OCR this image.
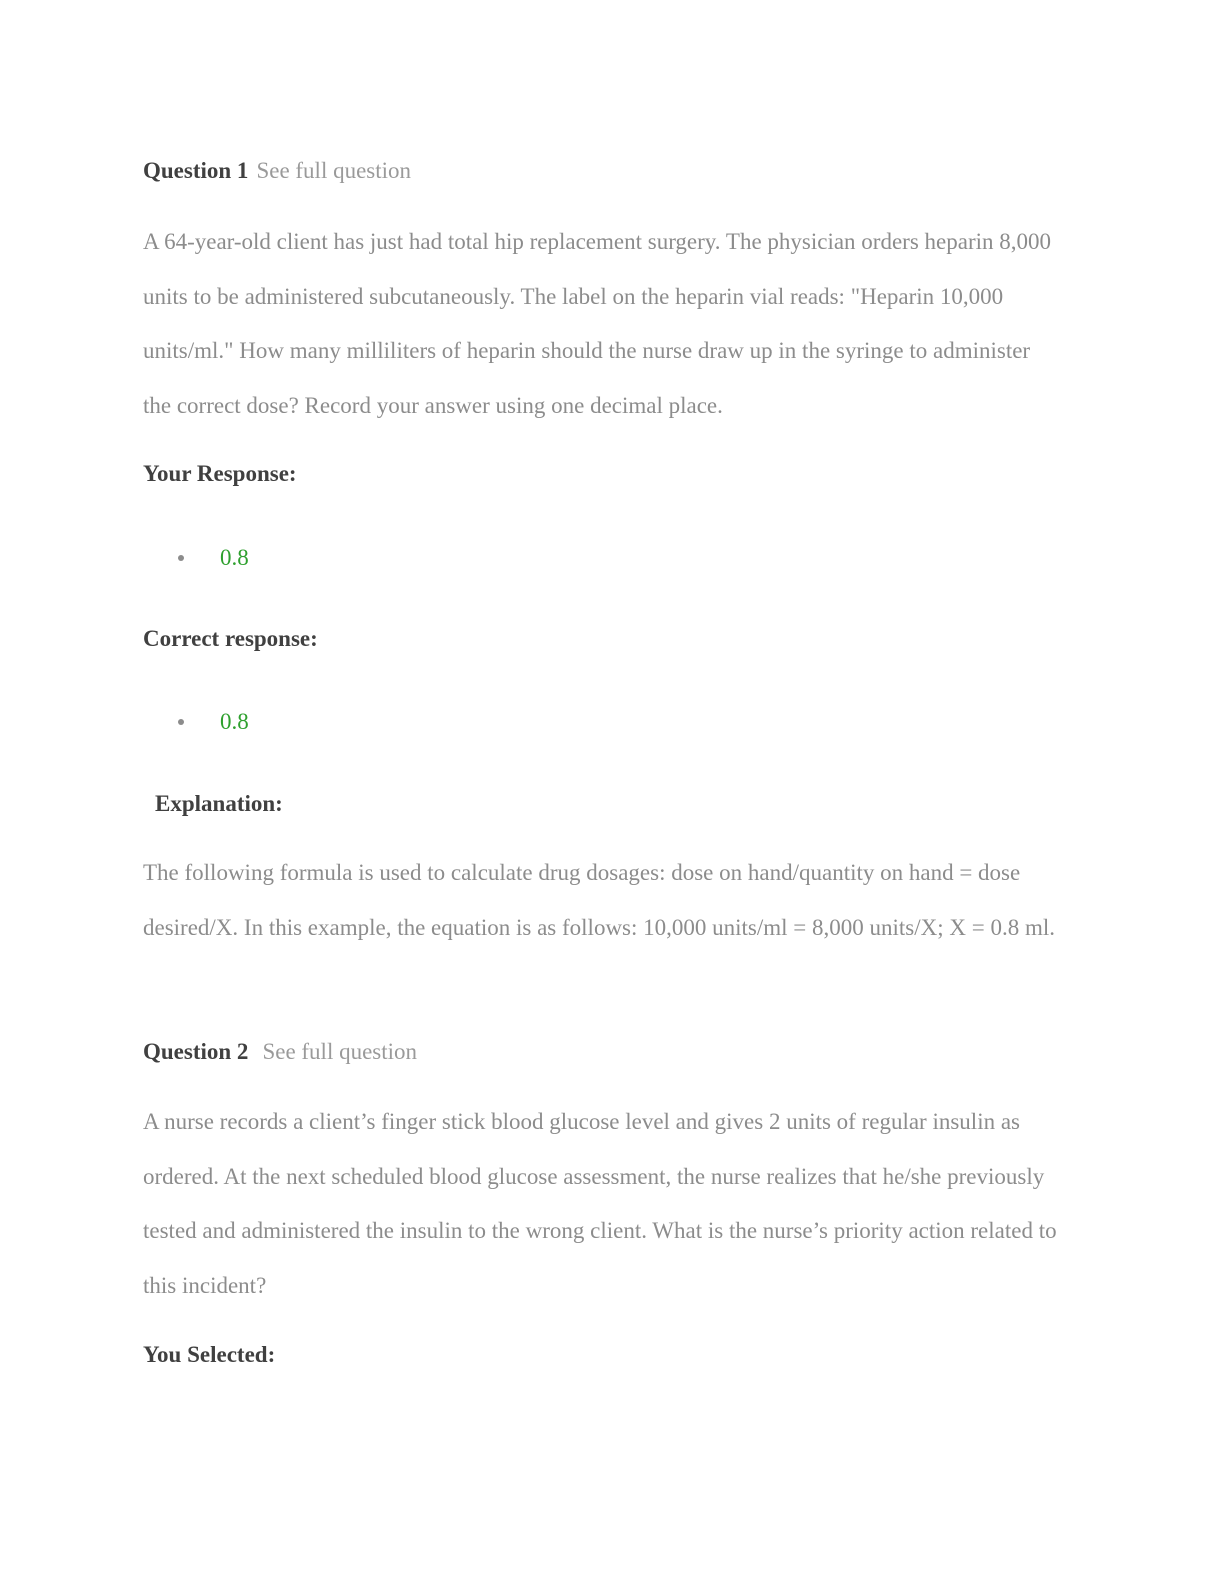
Question 1 See full question

A 64-year-old client has just had total hip replacement surgery. The physician orders heparin 8,000 units to be administered subcutaneously. The label on the heparin vial reads: "Heparin 10,000 units/ml." How many milliliters of heparin should the nurse draw up in the syringe to administer the correct dose? Record your answer using one decimal place.

Your Response:
0.8
Correct response:
0.8
Explanation:

The following formula is used to calculate drug dosages: dose on hand/quantity on hand = dose desired/X. In this example, the equation is as follows: 10,000 units/ml = 8,000 units/X; X = 0.8 ml.

Question 2 See full question

A nurse records a client’s finger stick blood glucose level and gives 2 units of regular insulin as ordered. At the next scheduled blood glucose assessment, the nurse realizes that he/she previously tested and administered the insulin to the wrong client. What is the nurse’s priority action related to this incident?

You Selected:
